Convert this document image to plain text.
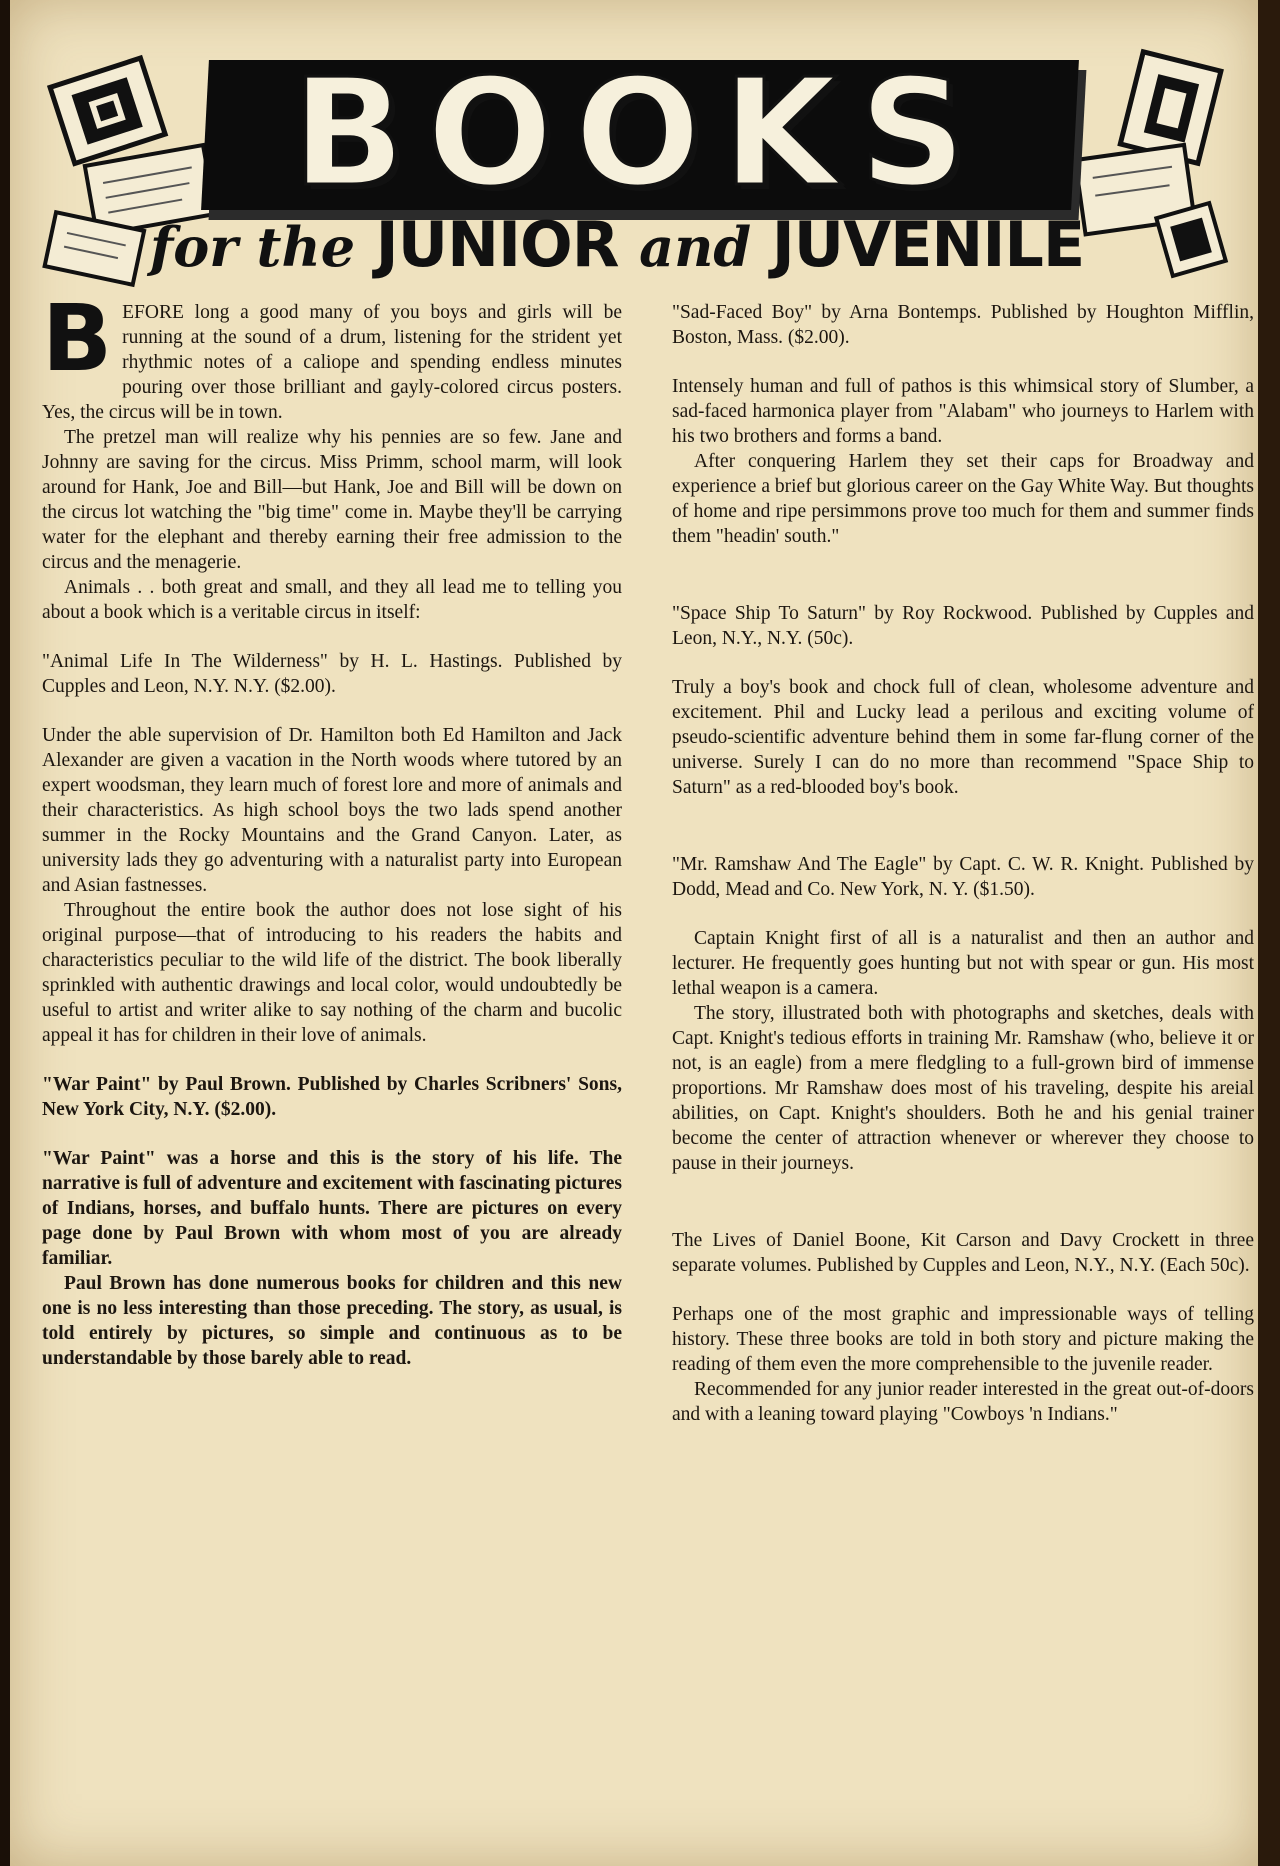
BOOKS
for the JUNIOR and JUVENILE

BEFORE long a good many of you boys and girls will be running at the sound of a drum, listening for the strident yet rhythmic notes of a caliope and spending endless minutes pouring over those brilliant and gayly-colored circus posters. Yes, the circus will be in town.

The pretzel man will realize why his pennies are so few. Jane and Johnny are saving for the circus. Miss Primm, school marm, will look around for Hank, Joe and Bill—but Hank, Joe and Bill will be down on the circus lot watching the "big time" come in. Maybe they'll be carrying water for the elephant and thereby earning their free admission to the circus and the menagerie.

Animals . . both great and small, and they all lead me to telling you about a book which is a veritable circus in itself:

"Animal Life In The Wilderness" by H. L. Hastings. Published by Cupples and Leon, N.Y. N.Y. ($2.00).

Under the able supervision of Dr. Hamilton both Ed Hamilton and Jack Alexander are given a vacation in the North woods where tutored by an expert woodsman, they learn much of forest lore and more of animals and their characteristics. As high school boys the two lads spend another summer in the Rocky Mountains and the Grand Canyon. Later, as university lads they go adventuring with a naturalist party into European and Asian fastnesses.

Throughout the entire book the author does not lose sight of his original purpose—that of introducing to his readers the habits and characteristics peculiar to the wild life of the district. The book liberally sprinkled with authentic drawings and local color, would undoubtedly be useful to artist and writer alike to say nothing of the charm and bucolic appeal it has for children in their love of animals.

"War Paint" by Paul Brown. Published by Charles Scribners' Sons, New York City, N.Y. ($2.00).

"War Paint" was a horse and this is the story of his life. The narrative is full of adventure and excitement with fascinating pictures of Indians, horses, and buffalo hunts. There are pictures on every page done by Paul Brown with whom most of you are already familiar.

Paul Brown has done numerous books for children and this new one is no less interesting than those preceding. The story, as usual, is told entirely by pictures, so simple and continuous as to be understandable by those barely able to read.

"Sad-Faced Boy" by Arna Bontemps. Published by Houghton Mifflin, Boston, Mass. ($2.00).

Intensely human and full of pathos is this whimsical story of Slumber, a sad-faced harmonica player from "Alabam" who journeys to Harlem with his two brothers and forms a band.

After conquering Harlem they set their caps for Broadway and experience a brief but glorious career on the Gay White Way. But thoughts of home and ripe persimmons prove too much for them and summer finds them "headin' south."

"Space Ship To Saturn" by Roy Rockwood. Published by Cupples and Leon, N.Y., N.Y. (50c).

Truly a boy's book and chock full of clean, wholesome adventure and excitement. Phil and Lucky lead a perilous and exciting volume of pseudo-scientific adventure behind them in some far-flung corner of the universe. Surely I can do no more than recommend "Space Ship to Saturn" as a red-blooded boy's book.

"Mr. Ramshaw And The Eagle" by Capt. C. W. R. Knight. Published by Dodd, Mead and Co. New York, N. Y. ($1.50).

Captain Knight first of all is a naturalist and then an author and lecturer. He frequently goes hunting but not with spear or gun. His most lethal weapon is a camera.

The story, illustrated both with photographs and sketches, deals with Capt. Knight's tedious efforts in training Mr. Ramshaw (who, believe it or not, is an eagle) from a mere fledgling to a full-grown bird of immense proportions. Mr Ramshaw does most of his traveling, despite his areial abilities, on Capt. Knight's shoulders. Both he and his genial trainer become the center of attraction whenever or wherever they choose to pause in their journeys.

The Lives of Daniel Boone, Kit Carson and Davy Crockett in three separate volumes. Published by Cupples and Leon, N.Y., N.Y. (Each 50c).

Perhaps one of the most graphic and impressionable ways of telling history. These three books are told in both story and picture making the reading of them even the more comprehensible to the juvenile reader.

Recommended for any junior reader interested in the great out-of-doors and with a leaning toward playing "Cowboys 'n Indians."
